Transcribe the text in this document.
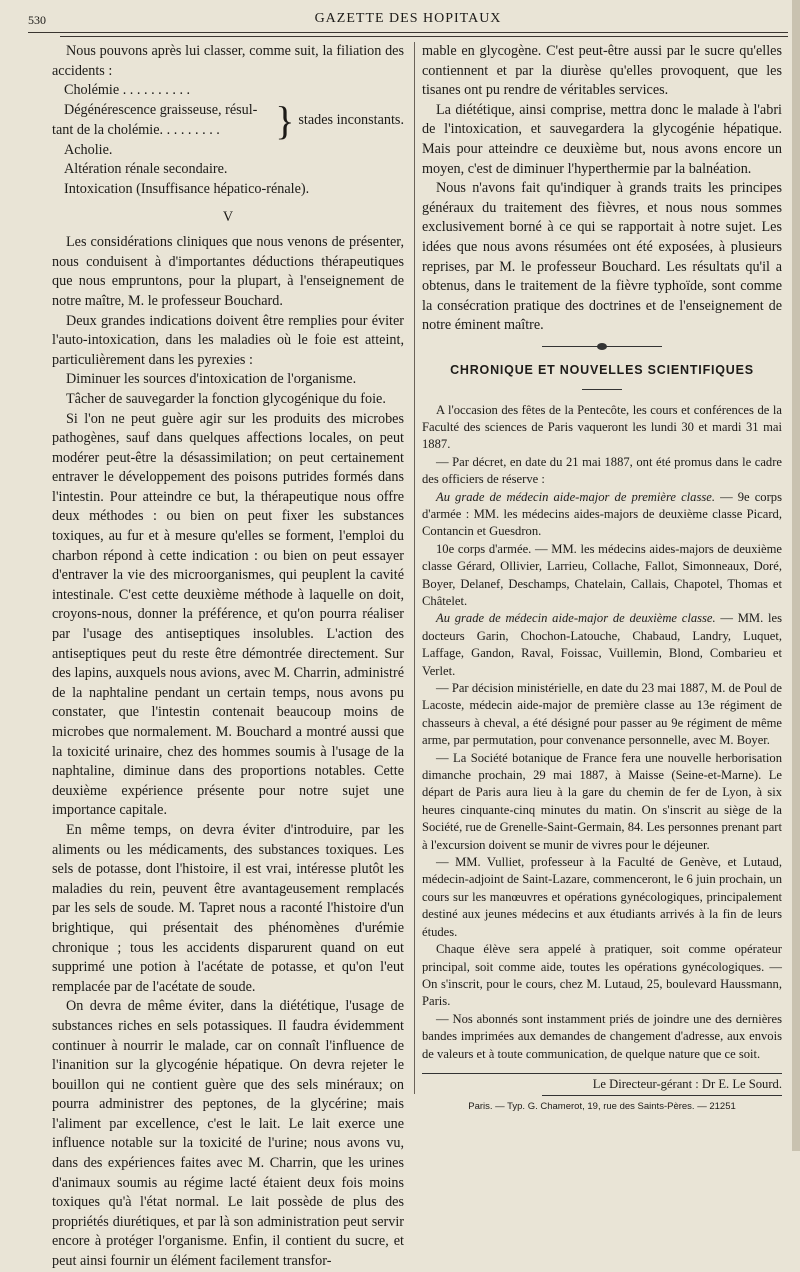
530	GAZETTE DES HOPITAUX

Nous pouvons après lui classer, comme suit, la filiation des accidents :

Cholémie . . . . . . . . . .

Dégénérescence graisseuse, résul-

tant de la cholémie. . . . . . . . .	} stades inconstants.

Acholie.

Altération rénale secondaire.

Intoxication (Insuffisance hépatico-rénale).

V

Les considérations cliniques que nous venons de présenter, nous conduisent à d'importantes déductions thérapeutiques que nous empruntons, pour la plupart, à l'enseignement de notre maître, M. le professeur Bouchard.

Deux grandes indications doivent être remplies pour éviter l'auto-intoxication, dans les maladies où le foie est atteint, particulièrement dans les pyrexies :

Diminuer les sources d'intoxication de l'organisme.

Tâcher de sauvegarder la fonction glycogénique du foie.

Si l'on ne peut guère agir sur les produits des microbes pathogènes, sauf dans quelques affections locales, on peut modérer peut-être la désassimilation; on peut certainement entraver le développement des poisons putrides formés dans l'intestin. Pour atteindre ce but, la thérapeutique nous offre deux méthodes : ou bien on peut fixer les substances toxiques, au fur et à mesure qu'elles se forment, l'emploi du charbon répond à cette indication : ou bien on peut essayer d'entraver la vie des microorganismes, qui peuplent la cavité intestinale. C'est cette deuxième méthode à laquelle on doit, croyons-nous, donner la préférence, et qu'on pourra réaliser par l'usage des antiseptiques insolubles. L'action des antiseptiques peut du reste être démontrée directement. Sur des lapins, auxquels nous avions, avec M. Charrin, administré de la naphtaline pendant un certain temps, nous avons pu constater, que l'intestin contenait beaucoup moins de microbes que normalement. M. Bouchard a montré aussi que la toxicité urinaire, chez des hommes soumis à l'usage de la naphtaline, diminue dans des proportions notables. Cette deuxième expérience présente pour notre sujet une importance capitale.

En même temps, on devra éviter d'introduire, par les aliments ou les médicaments, des substances toxiques. Les sels de potasse, dont l'histoire, il est vrai, intéresse plutôt les maladies du rein, peuvent être avantageusement remplacés par les sels de soude. M. Tapret nous a raconté l'histoire d'un brightique, qui présentait des phénomènes d'urémie chronique ; tous les accidents disparurent quand on eut supprimé une potion à l'acétate de potasse, et qu'on l'eut remplacée par de l'acétate de soude.

On devra de même éviter, dans la diététique, l'usage de substances riches en sels potassiques. Il faudra évidemment continuer à nourrir le malade, car on connaît l'influence de l'inanition sur la glycogénie hépatique. On devra rejeter le bouillon qui ne contient guère que des sels minéraux; on pourra administrer des peptones, de la glycérine; mais l'aliment par excellence, c'est le lait. Le lait exerce une influence notable sur la toxicité de l'urine; nous avons vu, dans des expériences faites avec M. Charrin, que les urines d'animaux soumis au régime lacté étaient deux fois moins toxiques qu'à l'état normal. Le lait possède de plus des propriétés diurétiques, et par là son administration peut servir encore à protéger l'organisme. Enfin, il contient du sucre, et peut ainsi fournir un élément facilement transfor-

mable en glycogène. C'est peut-être aussi par le sucre qu'elles contiennent et par la diurèse qu'elles provoquent, que les tisanes ont pu rendre de véritables services.

La diététique, ainsi comprise, mettra donc le malade à l'abri de l'intoxication, et sauvegardera la glycogénie hépatique. Mais pour atteindre ce deuxième but, nous avons encore un moyen, c'est de diminuer l'hyperthermie par la balnéation.

Nous n'avons fait qu'indiquer à grands traits les principes généraux du traitement des fièvres, et nous nous sommes exclusivement borné à ce qui se rapportait à notre sujet. Les idées que nous avons résumées ont été exposées, à plusieurs reprises, par M. le professeur Bouchard. Les résultats qu'il a obtenus, dans le traitement de la fièvre typhoïde, sont comme la consécration pratique des doctrines et de l'enseignement de notre éminent maître.

CHRONIQUE ET NOUVELLES SCIENTIFIQUES

A l'occasion des fêtes de la Pentecôte, les cours et conférences de la Faculté des sciences de Paris vaqueront les lundi 30 et mardi 31 mai 1887.

— Par décret, en date du 21 mai 1887, ont été promus dans le cadre des officiers de réserve :

Au grade de médecin aide-major de première classe. — 9e corps d'armée : MM. les médecins aides-majors de deuxième classe Picard, Contancin et Guesdron.

10e corps d'armée. — MM. les médecins aides-majors de deuxième classe Gérard, Ollivier, Larrieu, Collache, Fallot, Simonneaux, Doré, Boyer, Delanef, Deschamps, Chatelain, Callais, Chapotel, Thomas et Châtelet.

Au grade de médecin aide-major de deuxième classe. — MM. les docteurs Garin, Chochon-Latouche, Chabaud, Landry, Luquet, Laffage, Gandon, Raval, Foissac, Vuillemin, Blond, Combarieu et Verlet.

— Par décision ministérielle, en date du 23 mai 1887, M. de Poul de Lacoste, médecin aide-major de première classe au 13e régiment de chasseurs à cheval, a été désigné pour passer au 9e régiment de même arme, par permutation, pour convenance personnelle, avec M. Boyer.

— La Société botanique de France fera une nouvelle herborisation dimanche prochain, 29 mai 1887, à Maisse (Seine-et-Marne). Le départ de Paris aura lieu à la gare du chemin de fer de Lyon, à six heures cinquante-cinq minutes du matin. On s'inscrit au siège de la Société, rue de Grenelle-Saint-Germain, 84. Les personnes prenant part à l'excursion doivent se munir de vivres pour le déjeuner.

— MM. Vulliet, professeur à la Faculté de Genève, et Lutaud, médecin-adjoint de Saint-Lazare, commenceront, le 6 juin prochain, un cours sur les manœuvres et opérations gynécologiques, principalement destiné aux jeunes médecins et aux étudiants arrivés à la fin de leurs études.

Chaque élève sera appelé à pratiquer, soit comme opérateur principal, soit comme aide, toutes les opérations gynécologiques. — On s'inscrit, pour le cours, chez M. Lutaud, 25, boulevard Haussmann, Paris.

— Nos abonnés sont instamment priés de joindre une des dernières bandes imprimées aux demandes de changement d'adresse, aux envois de valeurs et à toute communication, de quelque nature que ce soit.

Le Directeur-gérant : Dr E. Le Sourd.
Paris. — Typ. G. Chamerot, 19, rue des Saints-Pères. — 21251
